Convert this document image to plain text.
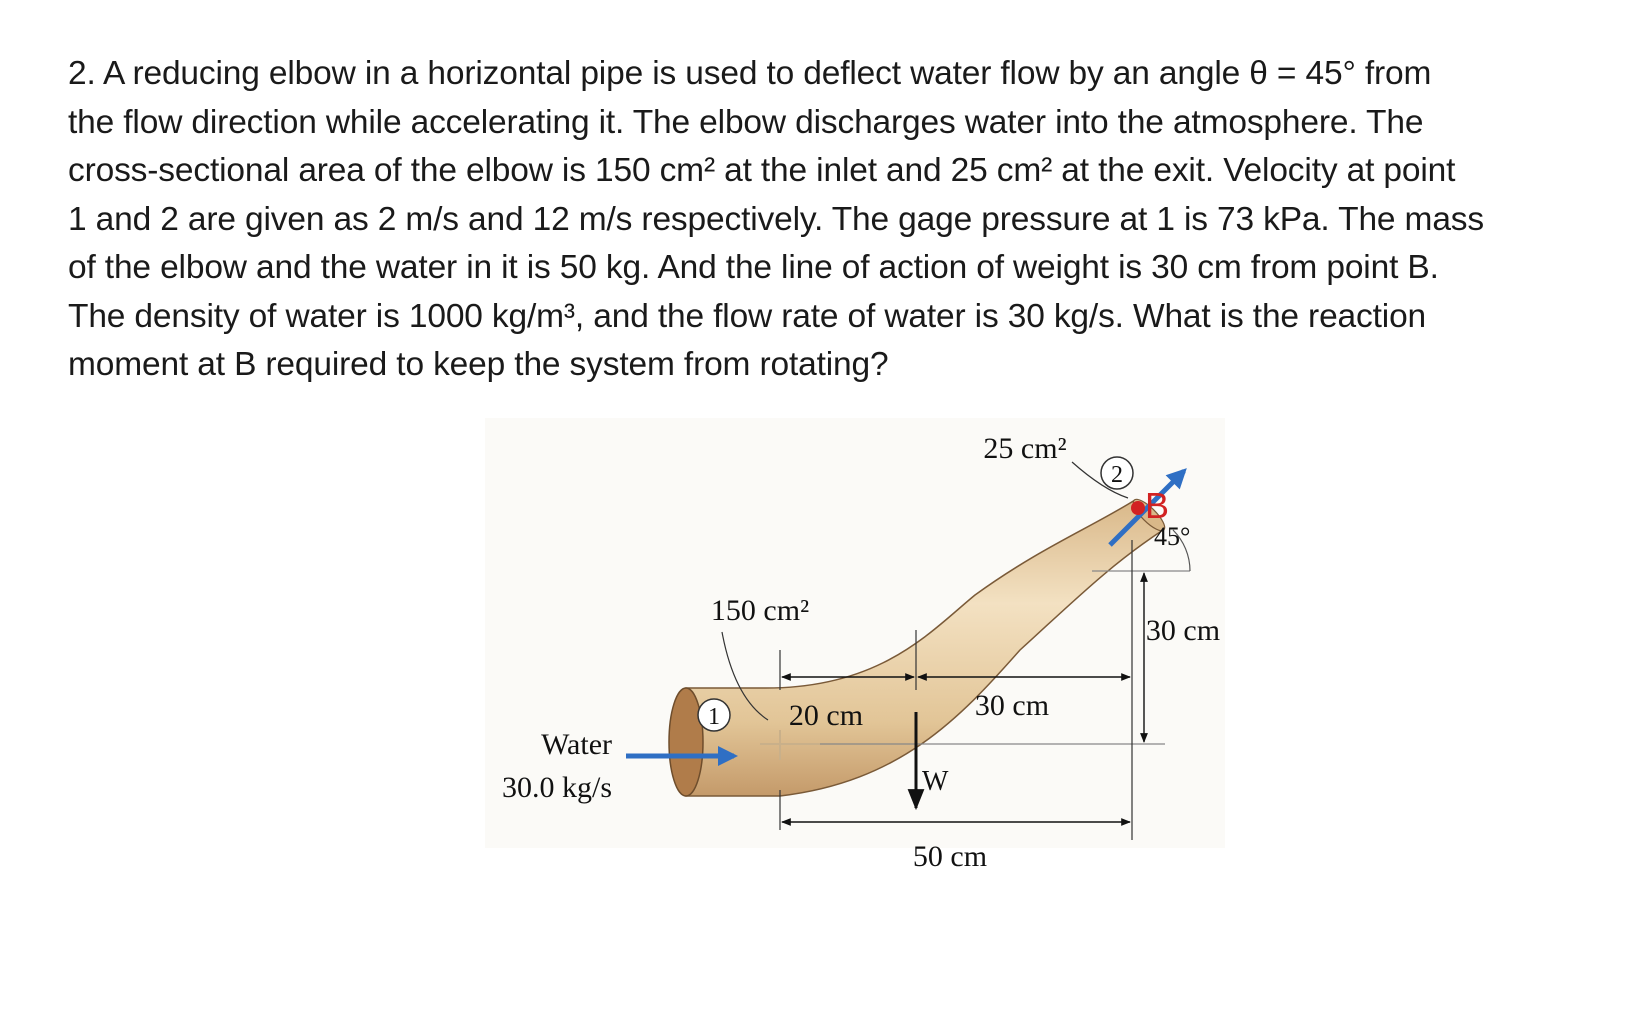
2. A reducing elbow in a horizontal pipe is used to deflect water flow by an angle θ = 45° from
the flow direction while accelerating it. The elbow discharges water into the atmosphere. The
cross-sectional area of the elbow is 150 cm² at the inlet and 25 cm² at the exit. Velocity at point
1 and 2 are given as 2 m/s and 12 m/s respectively. The gage pressure at 1 is 73 kPa. The mass
of the elbow and the water in it is 50 kg. And the line of action of weight is 30 cm from point B.
The density of water is 1000 kg/m³, and the flow rate of water is 30 kg/s. What is the reaction
moment at B required to keep the system from rotating?
1
2
25 cm²
150 cm²
B
45°
30 cm
20 cm	30 cm
W
50 cm
Water
30.0 kg/s
